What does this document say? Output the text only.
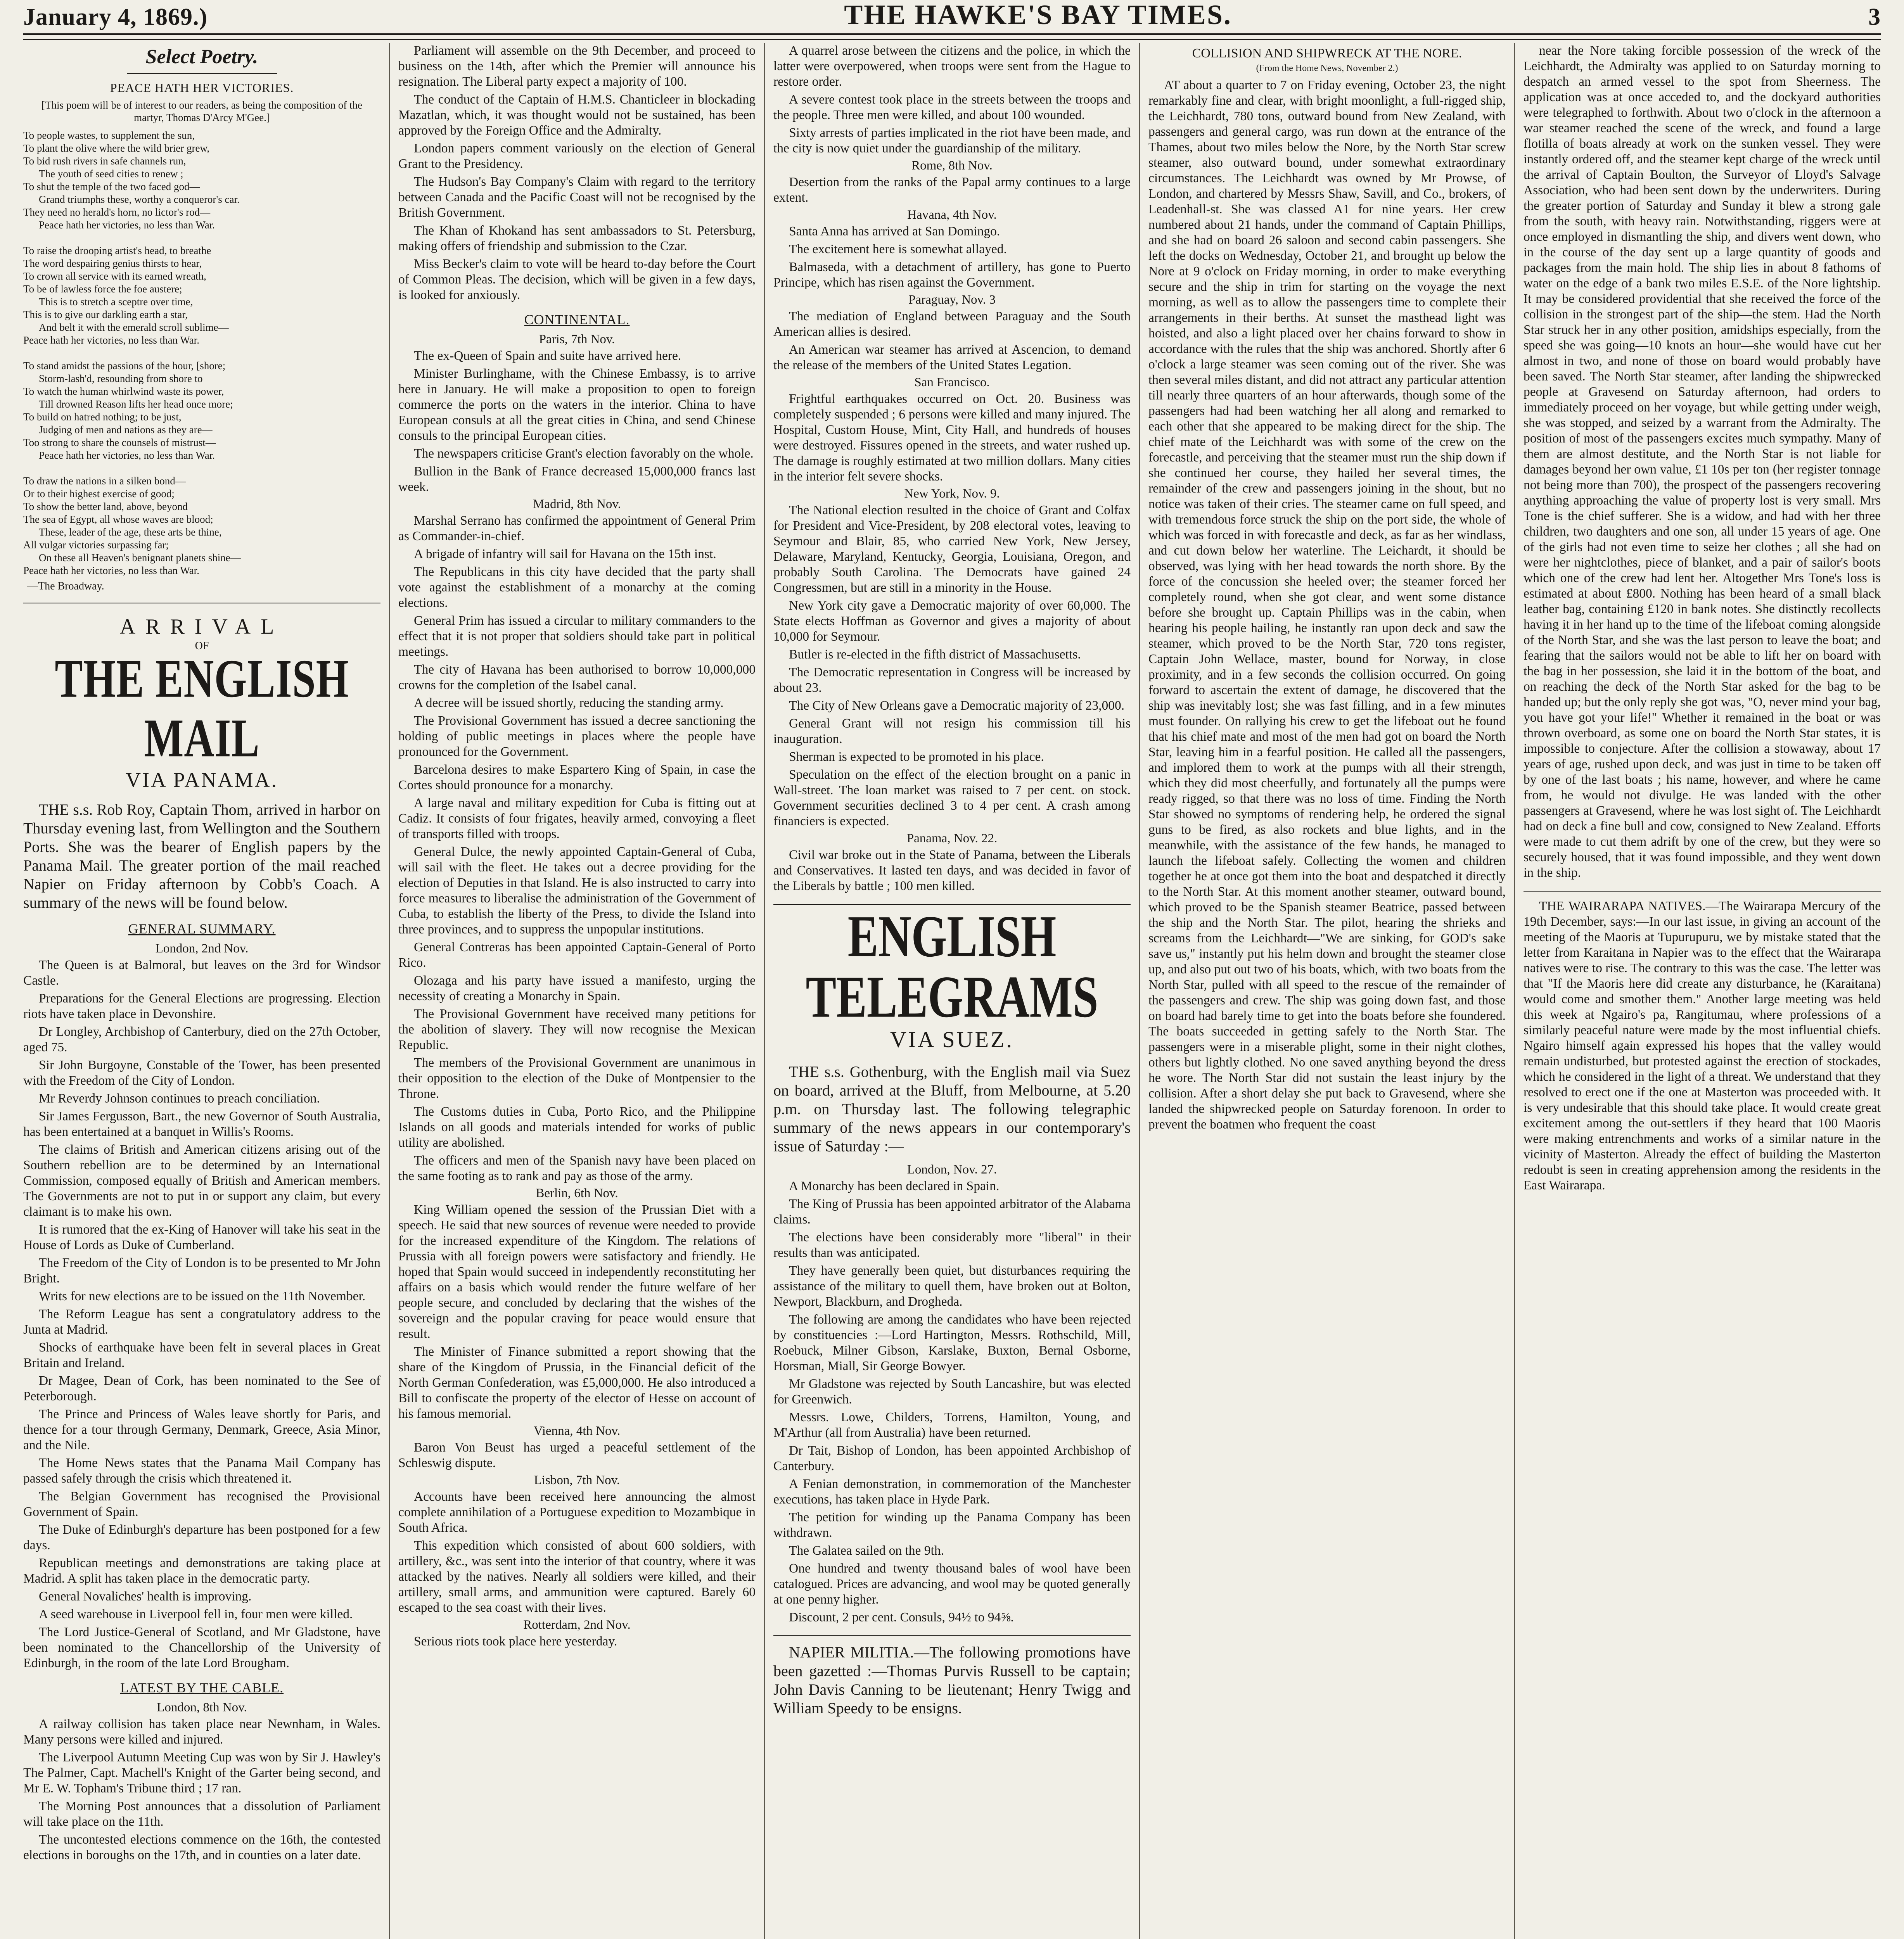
January 4, 1869.)	THE HAWKE'S BAY TIMES.	3
Select Poetry.
PEACE HATH HER VICTORIES.
[This poem will be of interest to our readers, as being the composition of the martyr, Thomas D'Arcy M'Gee.]
To people wastes, to supplement the sun,
To plant the olive where the wild brier grew,
To bid rush rivers in safe channels run,
The youth of seed cities to renew ;
To shut the temple of the two faced god—
Grand triumphs these, worthy a conqueror's car.
They need no herald's horn, no lictor's rod—
Peace hath her victories, no less than War.

To raise the drooping artist's head, to breathe
The word despairing genius thirsts to hear,
To crown all service with its earned wreath,
To be of lawless force the foe austere;
This is to stretch a sceptre over time,
This is to give our darkling earth a star,
And belt it with the emerald scroll sublime—
Peace hath her victories, no less than War.

To stand amidst the passions of the hour, [shore;
Storm-lash'd, resounding from shore to
To watch the human whirlwind waste its power,
Till drowned Reason lifts her head once more;
To build on hatred nothing; to be just,
Judging of men and nations as they are—
Too strong to share the counsels of mistrust—
Peace hath her victories, no less than War.

To draw the nations in a silken bond—
Or to their highest exercise of good;
To show the better land, above, beyond
The sea of Egypt, all whose waves are blood;
These, leader of the age, these arts be thine,
All vulgar victories surpassing far;
On these all Heaven's benignant planets shine—
Peace hath her victories, no less than War.
—The Broadway.
ARRIVAL
OF
THE ENGLISH MAIL
VIA PANAMA.

THE s.s. Rob Roy, Captain Thom, arrived in harbor on Thursday evening last, from Wellington and the Southern Ports. She was the bearer of English papers by the Panama Mail. The greater portion of the mail reached Napier on Friday afternoon by Cobb's Coach. A summary of the news will be found below.

GENERAL SUMMARY.
London, 2nd Nov.

The Queen is at Balmoral, but leaves on the 3rd for Windsor Castle.

Preparations for the General Elections are progressing. Election riots have taken place in Devonshire.

Dr Longley, Archbishop of Canterbury, died on the 27th October, aged 75.

Sir John Burgoyne, Constable of the Tower, has been presented with the Freedom of the City of London.

Mr Reverdy Johnson continues to preach conciliation.

Sir James Fergusson, Bart., the new Governor of South Australia, has been entertained at a banquet in Willis's Rooms.

The claims of British and American citizens arising out of the Southern rebellion are to be determined by an International Commission, composed equally of British and American members. The Governments are not to put in or support any claim, but every claimant is to make his own.

It is rumored that the ex-King of Hanover will take his seat in the House of Lords as Duke of Cumberland.

The Freedom of the City of London is to be presented to Mr John Bright.

Writs for new elections are to be issued on the 11th November.

The Reform League has sent a congratulatory address to the Junta at Madrid.

Shocks of earthquake have been felt in several places in Great Britain and Ireland.

Dr Magee, Dean of Cork, has been nominated to the See of Peterborough.

The Prince and Princess of Wales leave shortly for Paris, and thence for a tour through Germany, Denmark, Greece, Asia Minor, and the Nile.

The Home News states that the Panama Mail Company has passed safely through the crisis which threatened it.

The Belgian Government has recognised the Provisional Government of Spain.

The Duke of Edinburgh's departure has been postponed for a few days.

Republican meetings and demonstrations are taking place at Madrid. A split has taken place in the democratic party.

General Novaliches' health is improving.

A seed warehouse in Liverpool fell in, four men were killed.

The Lord Justice-General of Scotland, and Mr Gladstone, have been nominated to the Chancellorship of the University of Edinburgh, in the room of the late Lord Brougham.

LATEST BY THE CABLE.
London, 8th Nov.

A railway collision has taken place near Newnham, in Wales. Many persons were killed and injured.

The Liverpool Autumn Meeting Cup was won by Sir J. Hawley's The Palmer, Capt. Machell's Knight of the Garter being second, and Mr E. W. Topham's Tribune third ; 17 ran.

The Morning Post announces that a dissolution of Parliament will take place on the 11th.

The uncontested elections commence on the 16th, the contested elections in boroughs on the 17th, and in counties on a later date.

Parliament will assemble on the 9th December, and proceed to business on the 14th, after which the Premier will announce his resignation. The Liberal party expect a majority of 100.

The conduct of the Captain of H.M.S. Chanticleer in blockading Mazatlan, which, it was thought would not be sustained, has been approved by the Foreign Office and the Admiralty.

London papers comment variously on the election of General Grant to the Presidency.

The Hudson's Bay Company's Claim with regard to the territory between Canada and the Pacific Coast will not be recognised by the British Government.

The Khan of Khokand has sent ambassadors to St. Petersburg, making offers of friendship and submission to the Czar.

Miss Becker's claim to vote will be heard to-day before the Court of Common Pleas. The decision, which will be given in a few days, is looked for anxiously.

CONTINENTAL.
Paris, 7th Nov.

The ex-Queen of Spain and suite have arrived here.

Minister Burlinghame, with the Chinese Embassy, is to arrive here in January. He will make a proposition to open to foreign commerce the ports on the waters in the interior. China to have European consuls at all the great cities in China, and send Chinese consuls to the principal European cities.

The newspapers criticise Grant's election favorably on the whole.

Bullion in the Bank of France decreased 15,000,000 francs last week.

Madrid, 8th Nov.

Marshal Serrano has confirmed the appointment of General Prim as Commander-in-chief.

A brigade of infantry will sail for Havana on the 15th inst.

The Republicans in this city have decided that the party shall vote against the establishment of a monarchy at the coming elections.

General Prim has issued a circular to military commanders to the effect that it is not proper that soldiers should take part in political meetings.

The city of Havana has been authorised to borrow 10,000,000 crowns for the completion of the Isabel canal.

A decree will be issued shortly, reducing the standing army.

The Provisional Government has issued a decree sanctioning the holding of public meetings in places where the people have pronounced for the Government.

Barcelona desires to make Espartero King of Spain, in case the Cortes should pronounce for a monarchy.

A large naval and military expedition for Cuba is fitting out at Cadiz. It consists of four frigates, heavily armed, convoying a fleet of transports filled with troops.

General Dulce, the newly appointed Captain-General of Cuba, will sail with the fleet. He takes out a decree providing for the election of Deputies in that Island. He is also instructed to carry into force measures to liberalise the administration of the Government of Cuba, to establish the liberty of the Press, to divide the Island into three provinces, and to suppress the unpopular institutions.

General Contreras has been appointed Captain-General of Porto Rico.

Olozaga and his party have issued a manifesto, urging the necessity of creating a Monarchy in Spain.

The Provisional Government have received many petitions for the abolition of slavery. They will now recognise the Mexican Republic.

The members of the Provisional Government are unanimous in their opposition to the election of the Duke of Montpensier to the Throne.

The Customs duties in Cuba, Porto Rico, and the Philippine Islands on all goods and materials intended for works of public utility are abolished.

The officers and men of the Spanish navy have been placed on the same footing as to rank and pay as those of the army.

Berlin, 6th Nov.

King William opened the session of the Prussian Diet with a speech. He said that new sources of revenue were needed to provide for the increased expenditure of the Kingdom. The relations of Prussia with all foreign powers were satisfactory and friendly. He hoped that Spain would succeed in independently reconstituting her affairs on a basis which would render the future welfare of her people secure, and concluded by declaring that the wishes of the sovereign and the popular craving for peace would ensure that result.

The Minister of Finance submitted a report showing that the share of the Kingdom of Prussia, in the Financial deficit of the North German Confederation, was £5,000,000. He also introduced a Bill to confiscate the property of the elector of Hesse on account of his famous memorial.

Vienna, 4th Nov.

Baron Von Beust has urged a peaceful settlement of the Schleswig dispute.

Lisbon, 7th Nov.

Accounts have been received here announcing the almost complete annihilation of a Portuguese expedition to Mozambique in South Africa.

This expedition which consisted of about 600 soldiers, with artillery, &c., was sent into the interior of that country, where it was attacked by the natives. Nearly all soldiers were killed, and their artillery, small arms, and ammunition were captured. Barely 60 escaped to the sea coast with their lives.

Rotterdam, 2nd Nov.

Serious riots took place here yesterday.

A quarrel arose between the citizens and the police, in which the latter were overpowered, when troops were sent from the Hague to restore order.

A severe contest took place in the streets between the troops and the people. Three men were killed, and about 100 wounded.

Sixty arrests of parties implicated in the riot have been made, and the city is now quiet under the guardianship of the military.

Rome, 8th Nov.

Desertion from the ranks of the Papal army continues to a large extent.

Havana, 4th Nov.

Santa Anna has arrived at San Domingo.

The excitement here is somewhat allayed.

Balmaseda, with a detachment of artillery, has gone to Puerto Principe, which has risen against the Government.

Paraguay, Nov. 3

The mediation of England between Paraguay and the South American allies is desired.

An American war steamer has arrived at Ascencion, to demand the release of the members of the United States Legation.

San Francisco.

Frightful earthquakes occurred on Oct. 20. Business was completely suspended ; 6 persons were killed and many injured. The Hospital, Custom House, Mint, City Hall, and hundreds of houses were destroyed. Fissures opened in the streets, and water rushed up. The damage is roughly estimated at two million dollars. Many cities in the interior felt severe shocks.

New York, Nov. 9.

The National election resulted in the choice of Grant and Colfax for President and Vice-President, by 208 electoral votes, leaving to Seymour and Blair, 85, who carried New York, New Jersey, Delaware, Maryland, Kentucky, Georgia, Louisiana, Oregon, and probably South Carolina. The Democrats have gained 24 Congressmen, but are still in a minority in the House.

New York city gave a Democratic majority of over 60,000. The State elects Hoffman as Governor and gives a majority of about 10,000 for Seymour.

Butler is re-elected in the fifth district of Massachusetts.

The Democratic representation in Congress will be increased by about 23.

The City of New Orleans gave a Democratic majority of 23,000.

General Grant will not resign his commission till his inauguration.

Sherman is expected to be promoted in his place.

Speculation on the effect of the election brought on a panic in Wall-street. The loan market was raised to 7 per cent. on stock. Government securities declined 3 to 4 per cent. A crash among financiers is expected.

Panama, Nov. 22.

Civil war broke out in the State of Panama, between the Liberals and Conservatives. It lasted ten days, and was decided in favor of the Liberals by battle ; 100 men killed.

ENGLISH TELEGRAMS
VIA SUEZ.

THE s.s. Gothenburg, with the English mail via Suez on board, arrived at the Bluff, from Melbourne, at 5.20 p.m. on Thursday last. The following telegraphic summary of the news appears in our contemporary's issue of Saturday :—

London, Nov. 27.

A Monarchy has been declared in Spain.

The King of Prussia has been appointed arbitrator of the Alabama claims.

The elections have been considerably more "liberal" in their results than was anticipated.

They have generally been quiet, but disturbances requiring the assistance of the military to quell them, have broken out at Bolton, Newport, Blackburn, and Drogheda.

The following are among the candidates who have been rejected by constituencies :—Lord Hartington, Messrs. Rothschild, Mill, Roebuck, Milner Gibson, Karslake, Buxton, Bernal Osborne, Horsman, Miall, Sir George Bowyer.

Mr Gladstone was rejected by South Lancashire, but was elected for Greenwich.

Messrs. Lowe, Childers, Torrens, Hamilton, Young, and M'Arthur (all from Australia) have been returned.

Dr Tait, Bishop of London, has been appointed Archbishop of Canterbury.

A Fenian demonstration, in commemoration of the Manchester executions, has taken place in Hyde Park.

The petition for winding up the Panama Company has been withdrawn.

The Galatea sailed on the 9th.

One hundred and twenty thousand bales of wool have been catalogued. Prices are advancing, and wool may be quoted generally at one penny higher.

Discount, 2 per cent. Consuls, 94½ to 94⅝.

NAPIER MILITIA.—The following promotions have been gazetted :—Thomas Purvis Russell to be captain; John Davis Canning to be lieutenant; Henry Twigg and William Speedy to be ensigns.

COLLISION AND SHIPWRECK AT THE NORE.
(From the Home News, November 2.)

AT about a quarter to 7 on Friday evening, October 23, the night remarkably fine and clear, with bright moonlight, a full-rigged ship, the Leichhardt, 780 tons, outward bound from New Zealand, with passengers and general cargo, was run down at the entrance of the Thames, about two miles below the Nore, by the North Star screw steamer, also outward bound, under somewhat extraordinary circumstances. The Leichhardt was owned by Mr Prowse, of London, and chartered by Messrs Shaw, Savill, and Co., brokers, of Leadenhall-st. She was classed A1 for nine years. Her crew numbered about 21 hands, under the command of Captain Phillips, and she had on board 26 saloon and second cabin passengers. She left the docks on Wednesday, October 21, and brought up below the Nore at 9 o'clock on Friday morning, in order to make everything secure and the ship in trim for starting on the voyage the next morning, as well as to allow the passengers time to complete their arrangements in their berths. At sunset the masthead light was hoisted, and also a light placed over her chains forward to show in accordance with the rules that the ship was anchored. Shortly after 6 o'clock a large steamer was seen coming out of the river. She was then several miles distant, and did not attract any particular attention till nearly three quarters of an hour afterwards, though some of the passengers had had been watching her all along and remarked to each other that she appeared to be making direct for the ship. The chief mate of the Leichhardt was with some of the crew on the forecastle, and perceiving that the steamer must run the ship down if she continued her course, they hailed her several times, the remainder of the crew and passengers joining in the shout, but no notice was taken of their cries. The steamer came on full speed, and with tremendous force struck the ship on the port side, the whole of which was forced in with forecastle and deck, as far as her windlass, and cut down below her waterline. The Leichardt, it should be observed, was lying with her head towards the north shore. By the force of the concussion she heeled over; the steamer forced her completely round, when she got clear, and went some distance before she brought up. Captain Phillips was in the cabin, when hearing his people hailing, he instantly ran upon deck and saw the steamer, which proved to be the North Star, 720 tons register, Captain John Wellace, master, bound for Norway, in close proximity, and in a few seconds the collision occurred. On going forward to ascertain the extent of damage, he discovered that the ship was inevitably lost; she was fast filling, and in a few minutes must founder. On rallying his crew to get the lifeboat out he found that his chief mate and most of the men had got on board the North Star, leaving him in a fearful position. He called all the passengers, and implored them to work at the pumps with all their strength, which they did most cheerfully, and fortunately all the pumps were ready rigged, so that there was no loss of time. Finding the North Star showed no symptoms of rendering help, he ordered the signal guns to be fired, as also rockets and blue lights, and in the meanwhile, with the assistance of the few hands, he managed to launch the lifeboat safely. Collecting the women and children together he at once got them into the boat and despatched it directly to the North Star. At this moment another steamer, outward bound, which proved to be the Spanish steamer Beatrice, passed between the ship and the North Star. The pilot, hearing the shrieks and screams from the Leichhardt—"We are sinking, for GOD's sake save us," instantly put his helm down and brought the steamer close up, and also put out two of his boats, which, with two boats from the North Star, pulled with all speed to the rescue of the remainder of the passengers and crew. The ship was going down fast, and those on board had barely time to get into the boats before she foundered. The boats succeeded in getting safely to the North Star. The passengers were in a miserable plight, some in their night clothes, others but lightly clothed. No one saved anything beyond the dress he wore. The North Star did not sustain the least injury by the collision. After a short delay she put back to Gravesend, where she landed the shipwrecked people on Saturday forenoon. In order to prevent the boatmen who frequent the coast

near the Nore taking forcible possession of the wreck of the Leichhardt, the Admiralty was applied to on Saturday morning to despatch an armed vessel to the spot from Sheerness. The application was at once acceded to, and the dockyard authorities were telegraphed to forthwith. About two o'clock in the afternoon a war steamer reached the scene of the wreck, and found a large flotilla of boats already at work on the sunken vessel. They were instantly ordered off, and the steamer kept charge of the wreck until the arrival of Captain Boulton, the Surveyor of Lloyd's Salvage Association, who had been sent down by the underwriters. During the greater portion of Saturday and Sunday it blew a strong gale from the south, with heavy rain. Notwithstanding, riggers were at once employed in dismantling the ship, and divers went down, who in the course of the day sent up a large quantity of goods and packages from the main hold. The ship lies in about 8 fathoms of water on the edge of a bank two miles E.S.E. of the Nore lightship. It may be considered providential that she received the force of the collision in the strongest part of the ship—the stem. Had the North Star struck her in any other position, amidships especially, from the speed she was going—10 knots an hour—she would have cut her almost in two, and none of those on board would probably have been saved. The North Star steamer, after landing the shipwrecked people at Gravesend on Saturday afternoon, had orders to immediately proceed on her voyage, but while getting under weigh, she was stopped, and seized by a warrant from the Admiralty. The position of most of the passengers excites much sympathy. Many of them are almost destitute, and the North Star is not liable for damages beyond her own value, £1 10s per ton (her register tonnage not being more than 700), the prospect of the passengers recovering anything approaching the value of property lost is very small. Mrs Tone is the chief sufferer. She is a widow, and had with her three children, two daughters and one son, all under 15 years of age. One of the girls had not even time to seize her clothes ; all she had on were her nightclothes, piece of blanket, and a pair of sailor's boots which one of the crew had lent her. Altogether Mrs Tone's loss is estimated at about £800. Nothing has been heard of a small black leather bag, containing £120 in bank notes. She distinctly recollects having it in her hand up to the time of the lifeboat coming alongside of the North Star, and she was the last person to leave the boat; and fearing that the sailors would not be able to lift her on board with the bag in her possession, she laid it in the bottom of the boat, and on reaching the deck of the North Star asked for the bag to be handed up; but the only reply she got was, "O, never mind your bag, you have got your life!" Whether it remained in the boat or was thrown overboard, as some one on board the North Star states, it is impossible to conjecture. After the collision a stowaway, about 17 years of age, rushed upon deck, and was just in time to be taken off by one of the last boats ; his name, however, and where he came from, he would not divulge. He was landed with the other passengers at Gravesend, where he was lost sight of. The Leichhardt had on deck a fine bull and cow, consigned to New Zealand. Efforts were made to cut them adrift by one of the crew, but they were so securely housed, that it was found impossible, and they went down in the ship.

THE WAIRARAPA NATIVES.—The Wairarapa Mercury of the 19th December, says:—In our last issue, in giving an account of the meeting of the Maoris at Tupurupuru, we by mistake stated that the letter from Karaitana in Napier was to the effect that the Wairarapa natives were to rise. The contrary to this was the case. The letter was that "If the Maoris here did create any disturbance, he (Karaitana) would come and smother them." Another large meeting was held this week at Ngairo's pa, Rangitumau, where professions of a similarly peaceful nature were made by the most influential chiefs. Ngairo himself again expressed his hopes that the valley would remain undisturbed, but protested against the erection of stockades, which he considered in the light of a threat. We understand that they resolved to erect one if the one at Masterton was proceeded with. It is very undesirable that this should take place. It would create great excitement among the out-settlers if they heard that 100 Maoris were making entrenchments and works of a similar nature in the vicinity of Masterton. Already the effect of building the Masterton redoubt is seen in creating apprehension among the residents in the East Wairarapa.
